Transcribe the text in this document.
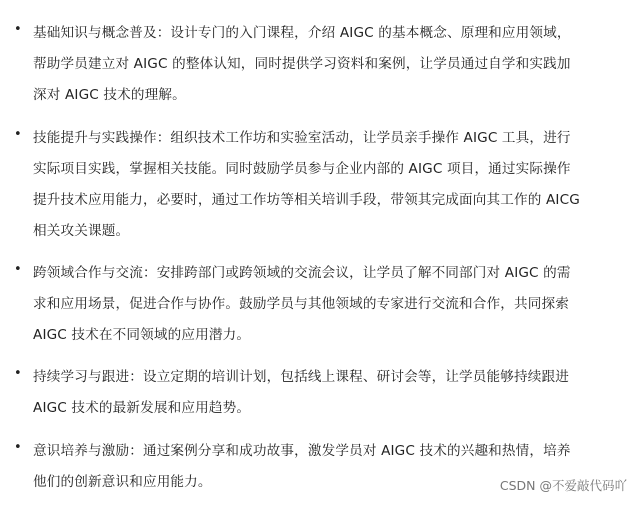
• 基础知识与概念普及：设计专门的入门课程，介绍 AIGC 的基本概念、原理和应用领域，
帮助学员建立对 AIGC 的整体认知，同时提供学习资料和案例，让学员通过自学和实践加
深对 AIGC 技术的理解。
• 技能提升与实践操作：组织技术工作坊和实验室活动，让学员亲手操作 AIGC 工具，进行
实际项目实践，掌握相关技能。同时鼓励学员参与企业内部的 AIGC 项目，通过实际操作
提升技术应用能力，必要时，通过工作坊等相关培训手段，带领其完成面向其工作的 AICG
相关攻关课题。
• 跨领域合作与交流：安排跨部门或跨领域的交流会议，让学员了解不同部门对 AIGC 的需
求和应用场景，促进合作与协作。鼓励学员与其他领域的专家进行交流和合作，共同探索
AIGC 技术在不同领域的应用潜力。
• 持续学习与跟进：设立定期的培训计划，包括线上课程、研讨会等，让学员能够持续跟进
AIGC 技术的最新发展和应用趋势。
• 意识培养与激励：通过案例分享和成功故事，激发学员对 AIGC 技术的兴趣和热情，培养
他们的创新意识和应用能力。	CSDN @不爱敲代码吖
